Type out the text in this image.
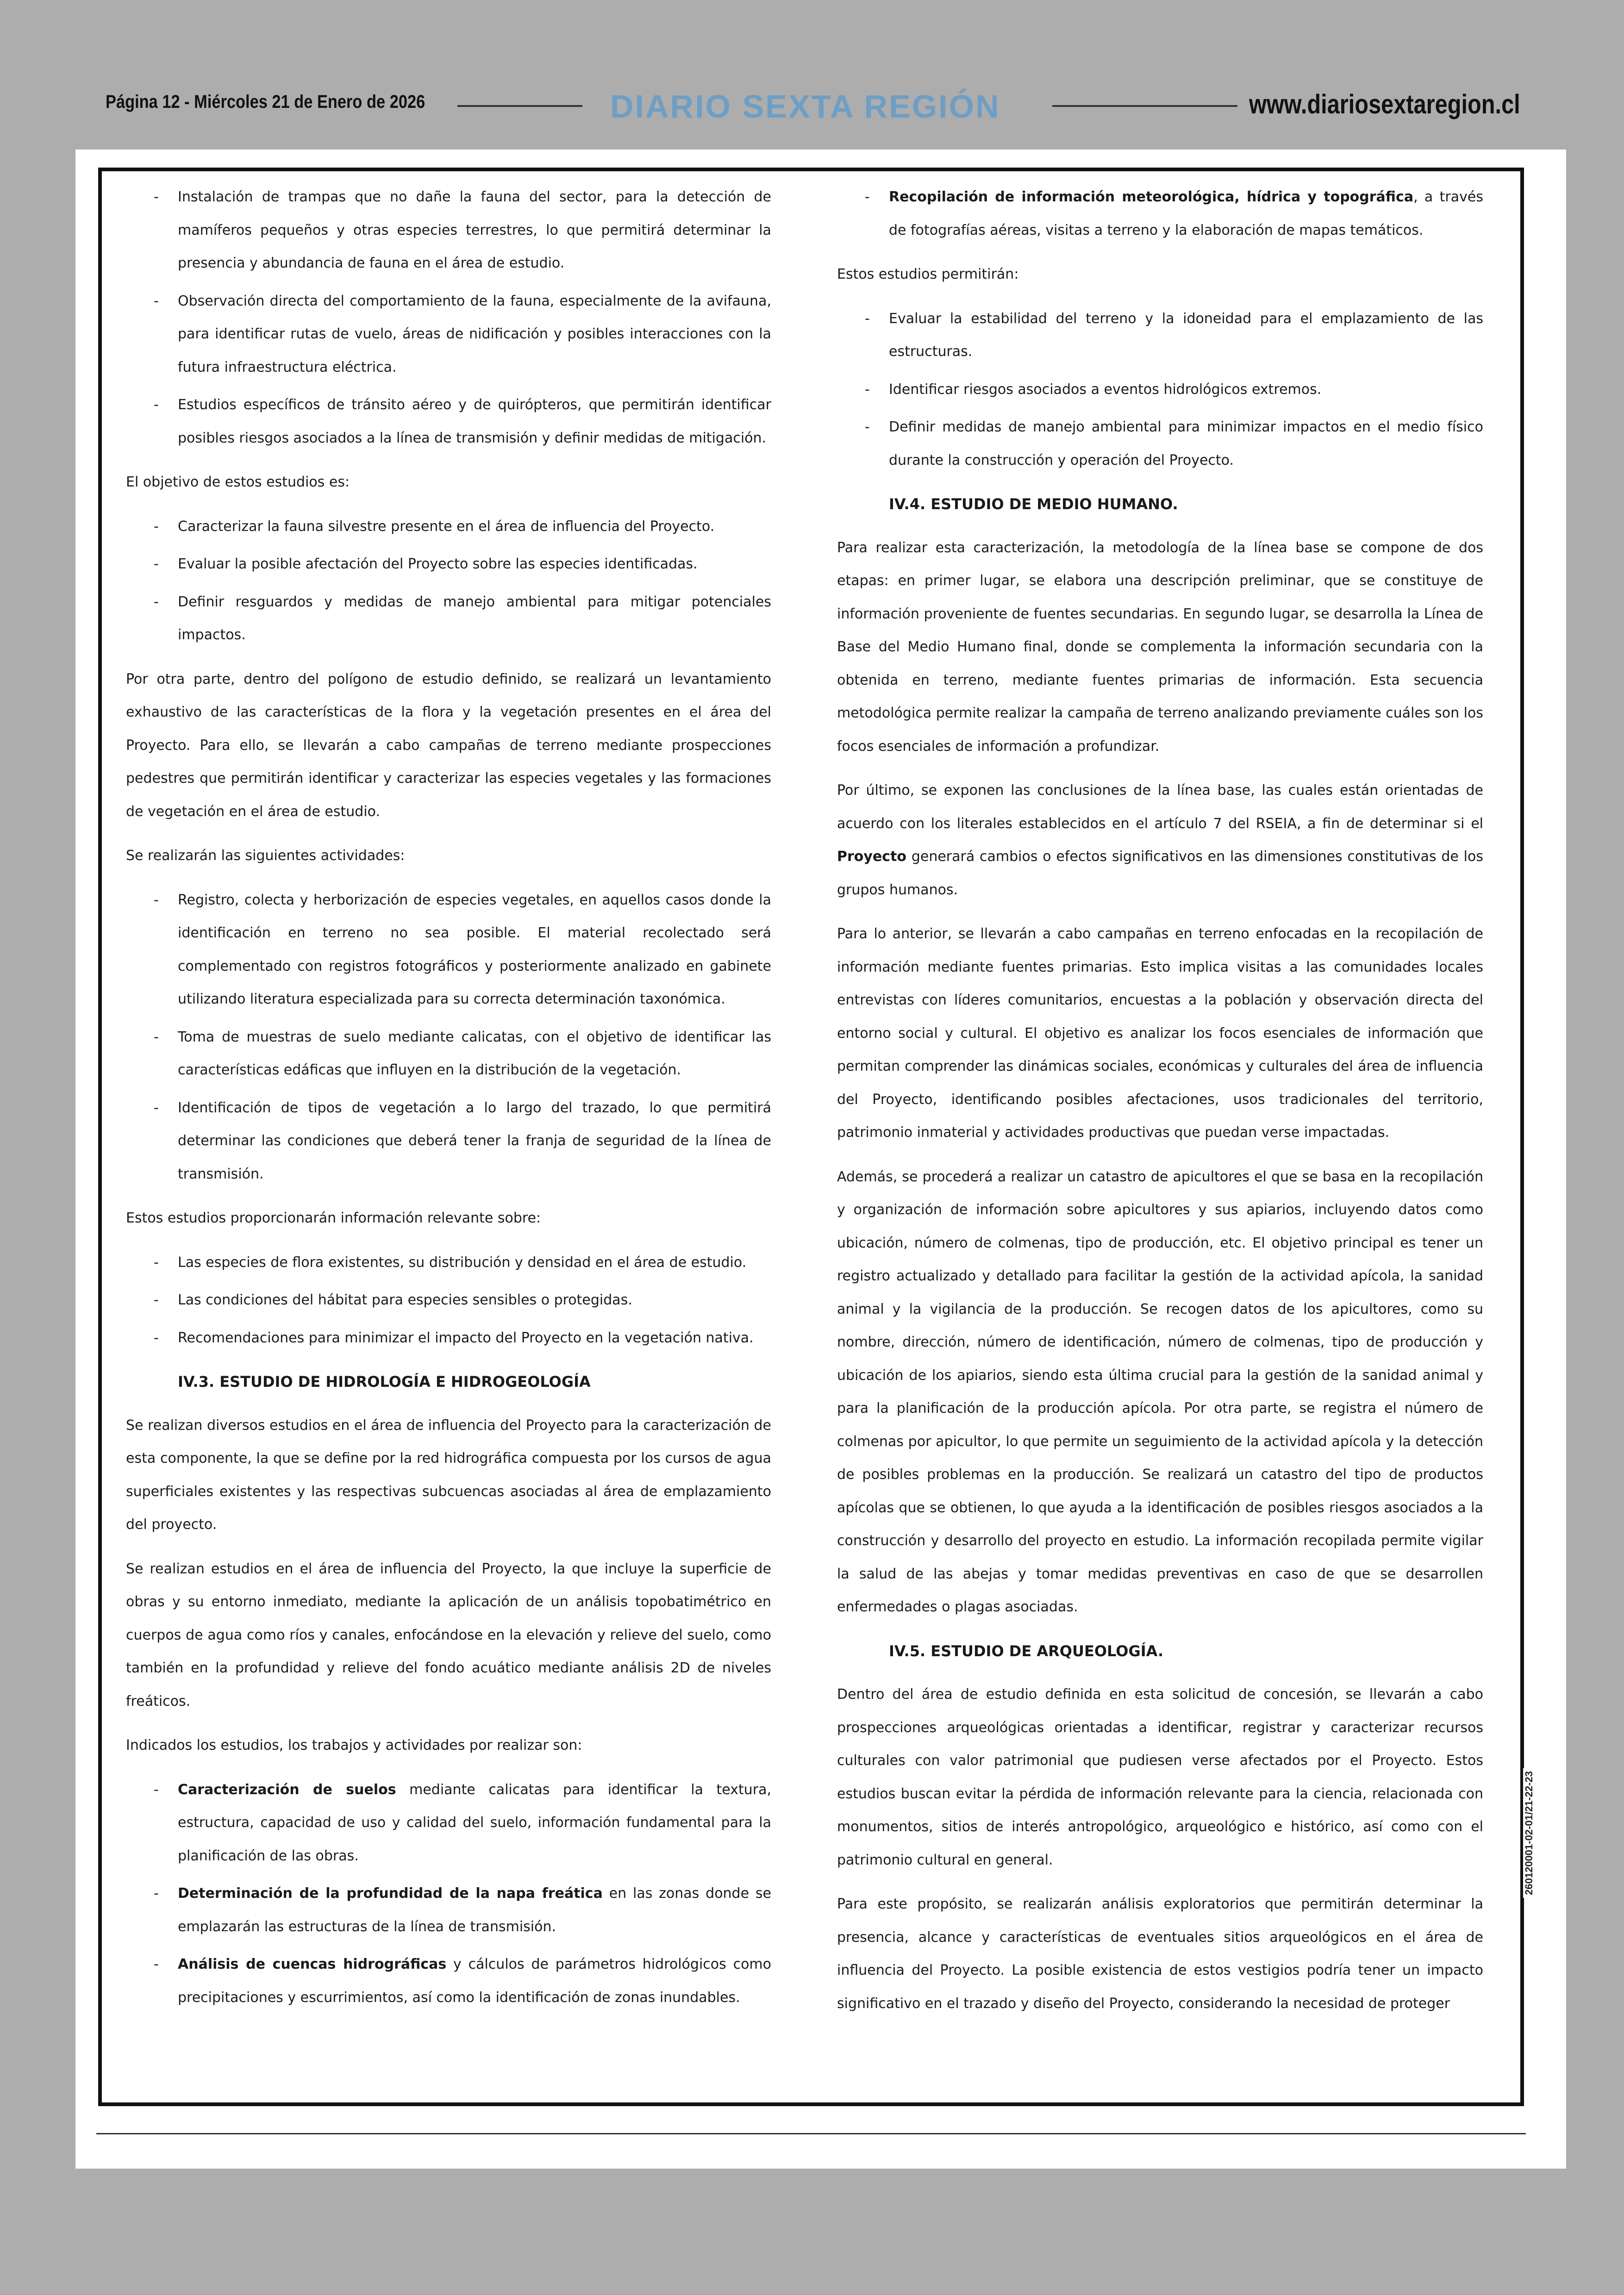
Página 12 - Miércoles 21 de Enero de 2026	DIARIO SEXTA REGIÓN	www.diariosextaregion.cl
- Instalación de trampas que no dañe la fauna del sector, para la detección de mamíferos pequeños y otras especies terrestres, lo que permitirá determinar la presencia y abundancia de fauna en el área de estudio.
- Observación directa del comportamiento de la fauna, especialmente de la avifauna, para identificar rutas de vuelo, áreas de nidificación y posibles interacciones con la futura infraestructura eléctrica.
- Estudios específicos de tránsito aéreo y de quirópteros, que permitirán identificar posibles riesgos asociados a la línea de transmisión y definir medidas de mitigación.

El objetivo de estos estudios es:

- Caracterizar la fauna silvestre presente en el área de influencia del Proyecto.
- Evaluar la posible afectación del Proyecto sobre las especies identificadas.
- Definir resguardos y medidas de manejo ambiental para mitigar potenciales impactos.

Por otra parte, dentro del polígono de estudio definido, se realizará un levantamiento exhaustivo de las características de la flora y la vegetación presentes en el área del Proyecto. Para ello, se llevarán a cabo campañas de terreno mediante prospecciones pedestres que permitirán identificar y caracterizar las especies vegetales y las formaciones de vegetación en el área de estudio.

Se realizarán las siguientes actividades:

- Registro, colecta y herborización de especies vegetales, en aquellos casos donde la identificación en terreno no sea posible. El material recolectado será complementado con registros fotográficos y posteriormente analizado en gabinete utilizando literatura especializada para su correcta determinación taxonómica.
- Toma de muestras de suelo mediante calicatas, con el objetivo de identificar las características edáficas que influyen en la distribución de la vegetación.
- Identificación de tipos de vegetación a lo largo del trazado, lo que permitirá determinar las condiciones que deberá tener la franja de seguridad de la línea de transmisión.

Estos estudios proporcionarán información relevante sobre:

- Las especies de flora existentes, su distribución y densidad en el área de estudio.
- Las condiciones del hábitat para especies sensibles o protegidas.
- Recomendaciones para minimizar el impacto del Proyecto en la vegetación nativa.
IV.3. ESTUDIO DE HIDROLOGÍA E HIDROGEOLOGÍA

Se realizan diversos estudios en el área de influencia del Proyecto para la caracterización de esta componente, la que se define por la red hidrográfica compuesta por los cursos de agua superficiales existentes y las respectivas subcuencas asociadas al área de emplazamiento del proyecto.

Se realizan estudios en el área de influencia del Proyecto, la que incluye la superficie de obras y su entorno inmediato, mediante la aplicación de un análisis topobatimétrico en cuerpos de agua como ríos y canales, enfocándose en la elevación y relieve del suelo, como también en la profundidad y relieve del fondo acuático mediante análisis 2D de niveles freáticos.

Indicados los estudios, los trabajos y actividades por realizar son:

- Caracterización de suelos mediante calicatas para identificar la textura, estructura, capacidad de uso y calidad del suelo, información fundamental para la planificación de las obras.
- Determinación de la profundidad de la napa freática en las zonas donde se emplazarán las estructuras de la línea de transmisión.
- Análisis de cuencas hidrográficas y cálculos de parámetros hidrológicos como precipitaciones y escurrimientos, así como la identificación de zonas inundables.
- Recopilación de información meteorológica, hídrica y topográfica, a través de fotografías aéreas, visitas a terreno y la elaboración de mapas temáticos.

Estos estudios permitirán:

- Evaluar la estabilidad del terreno y la idoneidad para el emplazamiento de las estructuras.
- Identificar riesgos asociados a eventos hidrológicos extremos.
- Definir medidas de manejo ambiental para minimizar impactos en el medio físico durante la construcción y operación del Proyecto.
IV.4. ESTUDIO DE MEDIO HUMANO.

Para realizar esta caracterización, la metodología de la línea base se compone de dos etapas: en primer lugar, se elabora una descripción preliminar, que se constituye de información proveniente de fuentes secundarias. En segundo lugar, se desarrolla la Línea de Base del Medio Humano final, donde se complementa la información secundaria con la obtenida en terreno, mediante fuentes primarias de información. Esta secuencia metodológica permite realizar la campaña de terreno analizando previamente cuáles son los focos esenciales de información a profundizar.

Por último, se exponen las conclusiones de la línea base, las cuales están orientadas de acuerdo con los literales establecidos en el artículo 7 del RSEIA, a fin de determinar si el Proyecto generará cambios o efectos significativos en las dimensiones constitutivas de los grupos humanos.

Para lo anterior, se llevarán a cabo campañas en terreno enfocadas en la recopilación de información mediante fuentes primarias. Esto implica visitas a las comunidades locales entrevistas con líderes comunitarios, encuestas a la población y observación directa del entorno social y cultural. El objetivo es analizar los focos esenciales de información que permitan comprender las dinámicas sociales, económicas y culturales del área de influencia del Proyecto, identificando posibles afectaciones, usos tradicionales del territorio, patrimonio inmaterial y actividades productivas que puedan verse impactadas.

Además, se procederá a realizar un catastro de apicultores el que se basa en la recopilación y organización de información sobre apicultores y sus apiarios, incluyendo datos como ubicación, número de colmenas, tipo de producción, etc. El objetivo principal es tener un registro actualizado y detallado para facilitar la gestión de la actividad apícola, la sanidad animal y la vigilancia de la producción. Se recogen datos de los apicultores, como su nombre, dirección, número de identificación, número de colmenas, tipo de producción y ubicación de los apiarios, siendo esta última crucial para la gestión de la sanidad animal y para la planificación de la producción apícola. Por otra parte, se registra el número de colmenas por apicultor, lo que permite un seguimiento de la actividad apícola y la detección de posibles problemas en la producción. Se realizará un catastro del tipo de productos apícolas que se obtienen, lo que ayuda a la identificación de posibles riesgos asociados a la construcción y desarrollo del proyecto en estudio. La información recopilada permite vigilar la salud de las abejas y tomar medidas preventivas en caso de que se desarrollen enfermedades o plagas asociadas.

IV.5. ESTUDIO DE ARQUEOLOGÍA.

Dentro del área de estudio definida en esta solicitud de concesión, se llevarán a cabo prospecciones arqueológicas orientadas a identificar, registrar y caracterizar recursos culturales con valor patrimonial que pudiesen verse afectados por el Proyecto. Estos estudios buscan evitar la pérdida de información relevante para la ciencia, relacionada con monumentos, sitios de interés antropológico, arqueológico e histórico, así como con el patrimonio cultural en general.

Para este propósito, se realizarán análisis exploratorios que permitirán determinar la presencia, alcance y características de eventuales sitios arqueológicos en el área de influencia del Proyecto. La posible existencia de estos vestigios podría tener un impacto significativo en el trazado y diseño del Proyecto, considerando la necesidad de proteger

260120001-02-01/21-22-23
